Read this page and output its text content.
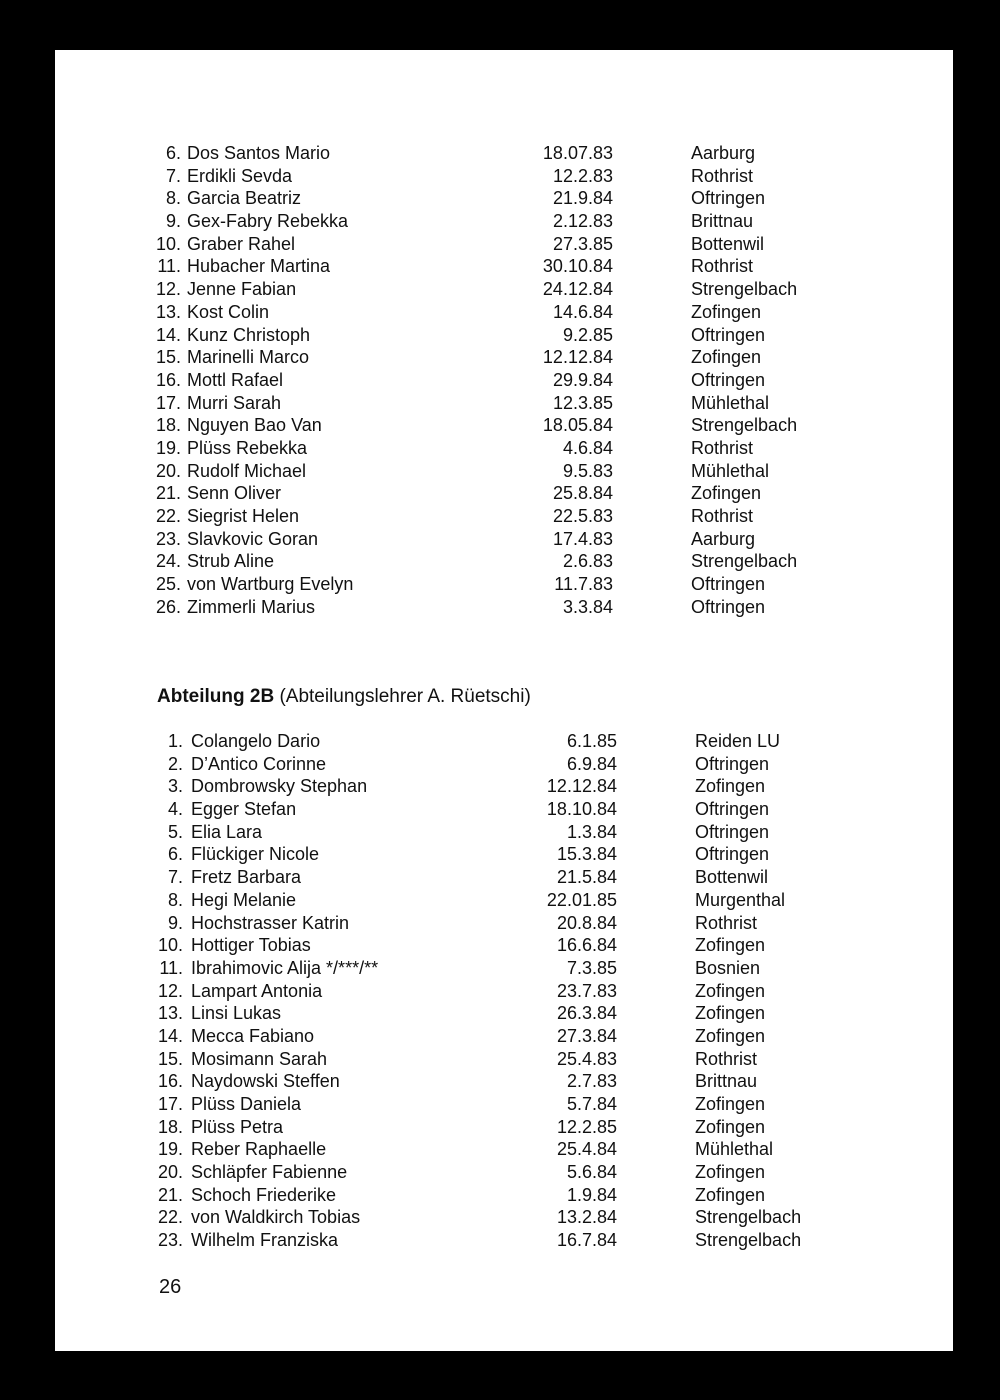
6. Dos Santos Mario	18.07.83	Aarburg
7. Erdikli Sevda	12.2.83	Rothrist
8. Garcia Beatriz	21.9.84	Oftringen
9. Gex-Fabry Rebekka	2.12.83	Brittnau
10. Graber Rahel	27.3.85	Bottenwil
11. Hubacher Martina	30.10.84	Rothrist
12. Jenne Fabian	24.12.84	Strengelbach
13. Kost Colin	14.6.84	Zofingen
14. Kunz Christoph	9.2.85	Oftringen
15. Marinelli Marco	12.12.84	Zofingen
16. Mottl Rafael	29.9.84	Oftringen
17. Murri Sarah	12.3.85	Mühlethal
18. Nguyen Bao Van	18.05.84	Strengelbach
19. Plüss Rebekka	4.6.84	Rothrist
20. Rudolf Michael	9.5.83	Mühlethal
21. Senn Oliver	25.8.84	Zofingen
22. Siegrist Helen	22.5.83	Rothrist
23. Slavkovic Goran	17.4.83	Aarburg
24. Strub Aline	2.6.83	Strengelbach
25. von Wartburg Evelyn	11.7.83	Oftringen
26. Zimmerli Marius	3.3.84	Oftringen
Abteilung 2B (Abteilungslehrer A. Rüetschi)
1. Colangelo Dario	6.1.85	Reiden LU
2. D’Antico Corinne	6.9.84	Oftringen
3. Dombrowsky Stephan	12.12.84	Zofingen
4. Egger Stefan	18.10.84	Oftringen
5. Elia Lara	1.3.84	Oftringen
6. Flückiger Nicole	15.3.84	Oftringen
7. Fretz Barbara	21.5.84	Bottenwil
8. Hegi Melanie	22.01.85	Murgenthal
9. Hochstrasser Katrin	20.8.84	Rothrist
10. Hottiger Tobias	16.6.84	Zofingen
11. Ibrahimovic Alija */***/**	7.3.85	Bosnien
12. Lampart Antonia	23.7.83	Zofingen
13. Linsi Lukas	26.3.84	Zofingen
14. Mecca Fabiano	27.3.84	Zofingen
15. Mosimann Sarah	25.4.83	Rothrist
16. Naydowski Steffen	2.7.83	Brittnau
17. Plüss Daniela	5.7.84	Zofingen
18. Plüss Petra	12.2.85	Zofingen
19. Reber Raphaelle	25.4.84	Mühlethal
20. Schläpfer Fabienne	5.6.84	Zofingen
21. Schoch Friederike	1.9.84	Zofingen
22. von Waldkirch Tobias	13.2.84	Strengelbach
23. Wilhelm Franziska	16.7.84	Strengelbach
26
